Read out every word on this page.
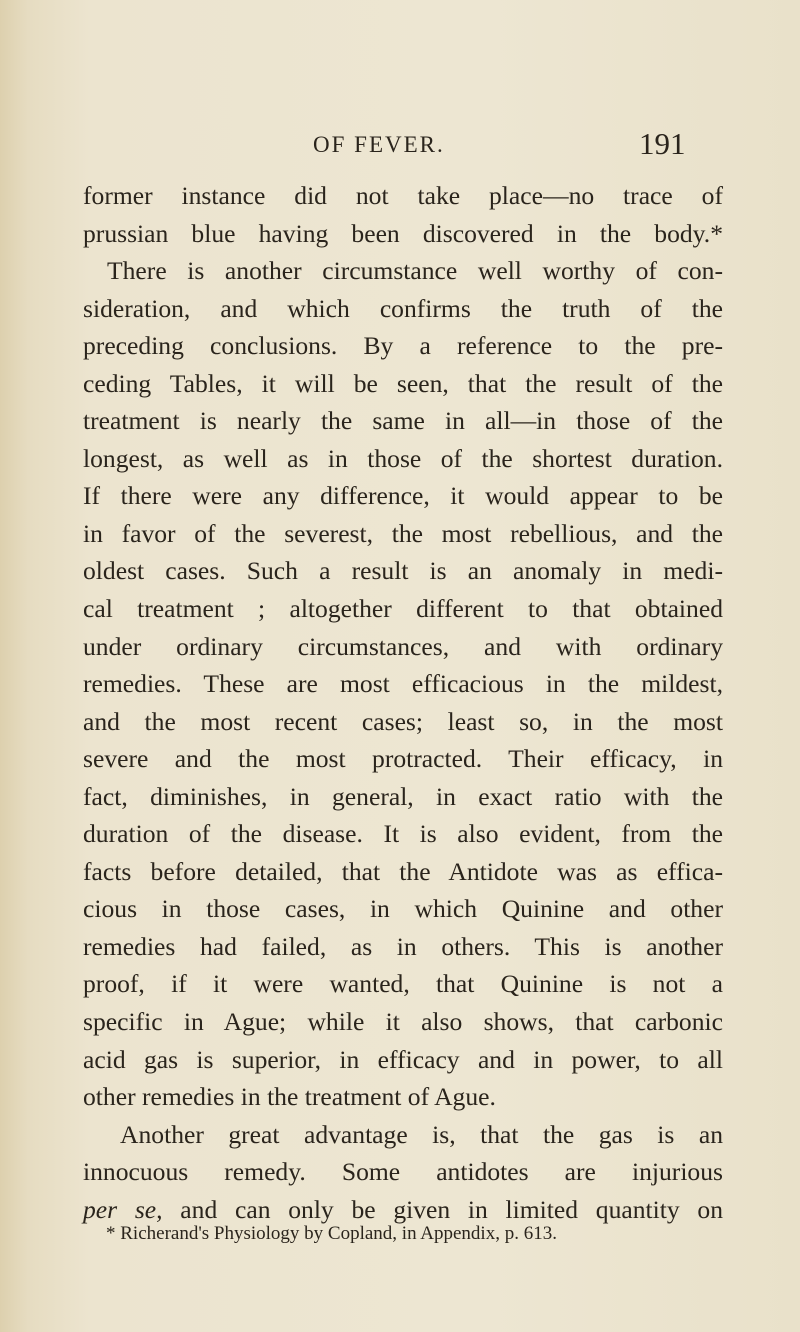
OF FEVER.	191
former instance did not take place—no trace of
prussian blue having been discovered in the body.*
There is another circumstance well worthy of con-
sideration, and which confirms the truth of the
preceding conclusions. By a reference to the pre-
ceding Tables, it will be seen, that the result of the
treatment is nearly the same in all—in those of the
longest, as well as in those of the shortest duration.
If there were any difference, it would appear to be
in favor of the severest, the most rebellious, and the
oldest cases. Such a result is an anomaly in medi-
cal treatment ; altogether different to that obtained
under ordinary circumstances, and with ordinary
remedies. These are most efficacious in the mildest,
and the most recent cases; least so, in the most
severe and the most protracted. Their efficacy, in
fact, diminishes, in general, in exact ratio with the
duration of the disease. It is also evident, from the
facts before detailed, that the Antidote was as effica-
cious in those cases, in which Quinine and other
remedies had failed, as in others. This is another
proof, if it were wanted, that Quinine is not a
specific in Ague; while it also shows, that carbonic
acid gas is superior, in efficacy and in power, to all
other remedies in the treatment of Ague.
Another great advantage is, that the gas is an
innocuous remedy. Some antidotes are injurious
per se, and can only be given in limited quantity on
* Richerand's Physiology by Copland, in Appendix, p. 613.
